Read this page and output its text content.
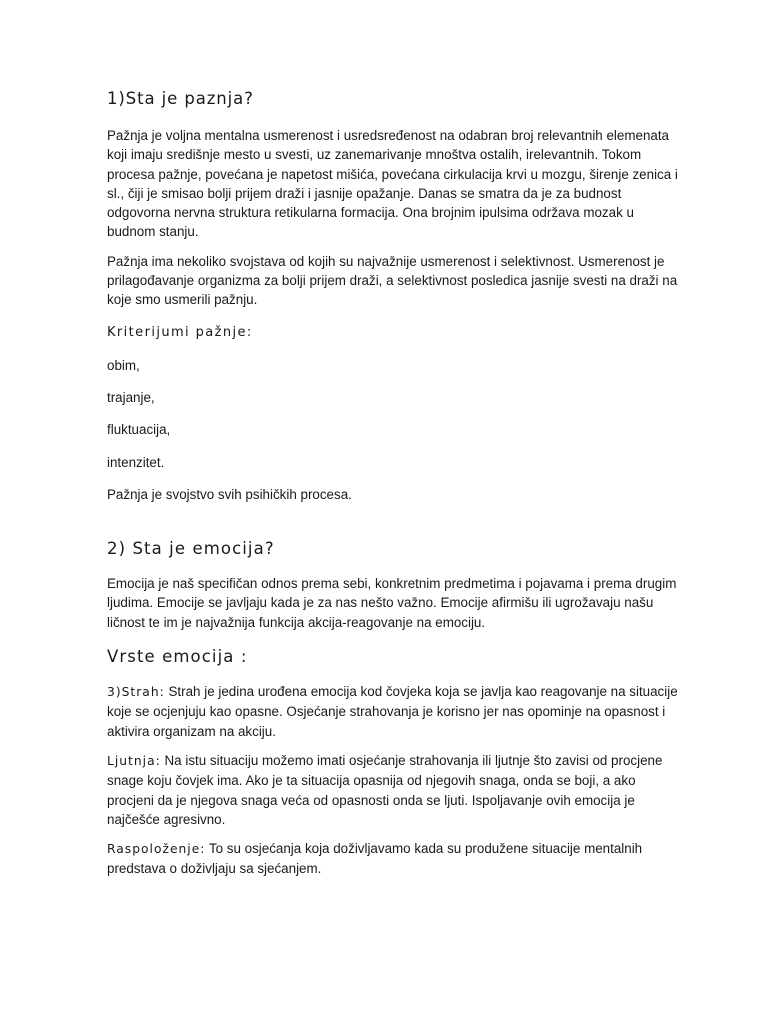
1)Sta je paznja?
Pažnja je voljna mentalna usmerenost i usredsređenost na odabran broj relevantnih elemenata
koji imaju središnje mesto u svesti, uz zanemarivanje mnoštva ostalih, irelevantnih. Tokom
procesa pažnje, povećana je napetost mišića, povećana cirkulacija krvi u mozgu, širenje zenica i
sl., čiji je smisao bolji prijem draži i jasnije opažanje. Danas se smatra da je za budnost
odgovorna nervna struktura retikularna formacija. Ona brojnim ipulsima održava mozak u
budnom stanju.
Pažnja ima nekoliko svojstava od kojih su najvažnije usmerenost i selektivnost. Usmerenost je
prilagođavanje organizma za bolji prijem draži, a selektivnost posledica jasnije svesti na draži na
koje smo usmerili pažnju.
Kriterijumi pažnje:
obim,
trajanje,
fluktuacija,
intenzitet.
Pažnja je svojstvo svih psihičkih procesa.
2) Sta je emocija?
Emocija je naš specifičan odnos prema sebi, konkretnim predmetima i pojavama i prema drugim
ljudima. Emocije se javljaju kada je za nas nešto važno. Emocije afirmišu ili ugrožavaju našu
ličnost te im je najvažnija funkcija akcija-reagovanje na emociju.
Vrste emocija :
3)Strah: Strah je jedina urođena emocija kod čovjeka koja se javlja kao reagovanje na situacije
koje se ocjenjuju kao opasne. Osjećanje strahovanja je korisno jer nas opominje na opasnost i
aktivira organizam na akciju.
Ljutnja: Na istu situaciju možemo imati osjećanje strahovanja ili ljutnje što zavisi od procjene
snage koju čovjek ima. Ako je ta situacija opasnija od njegovih snaga, onda se boji, a ako
procjeni da je njegova snaga veća od opasnosti onda se ljuti. Ispoljavanje ovih emocija je
najčešće agresivno.
Raspoloženje: To su osjećanja koja doživljavamo kada su produžene situacije mentalnih
predstava o doživljaju sa sjećanjem.
